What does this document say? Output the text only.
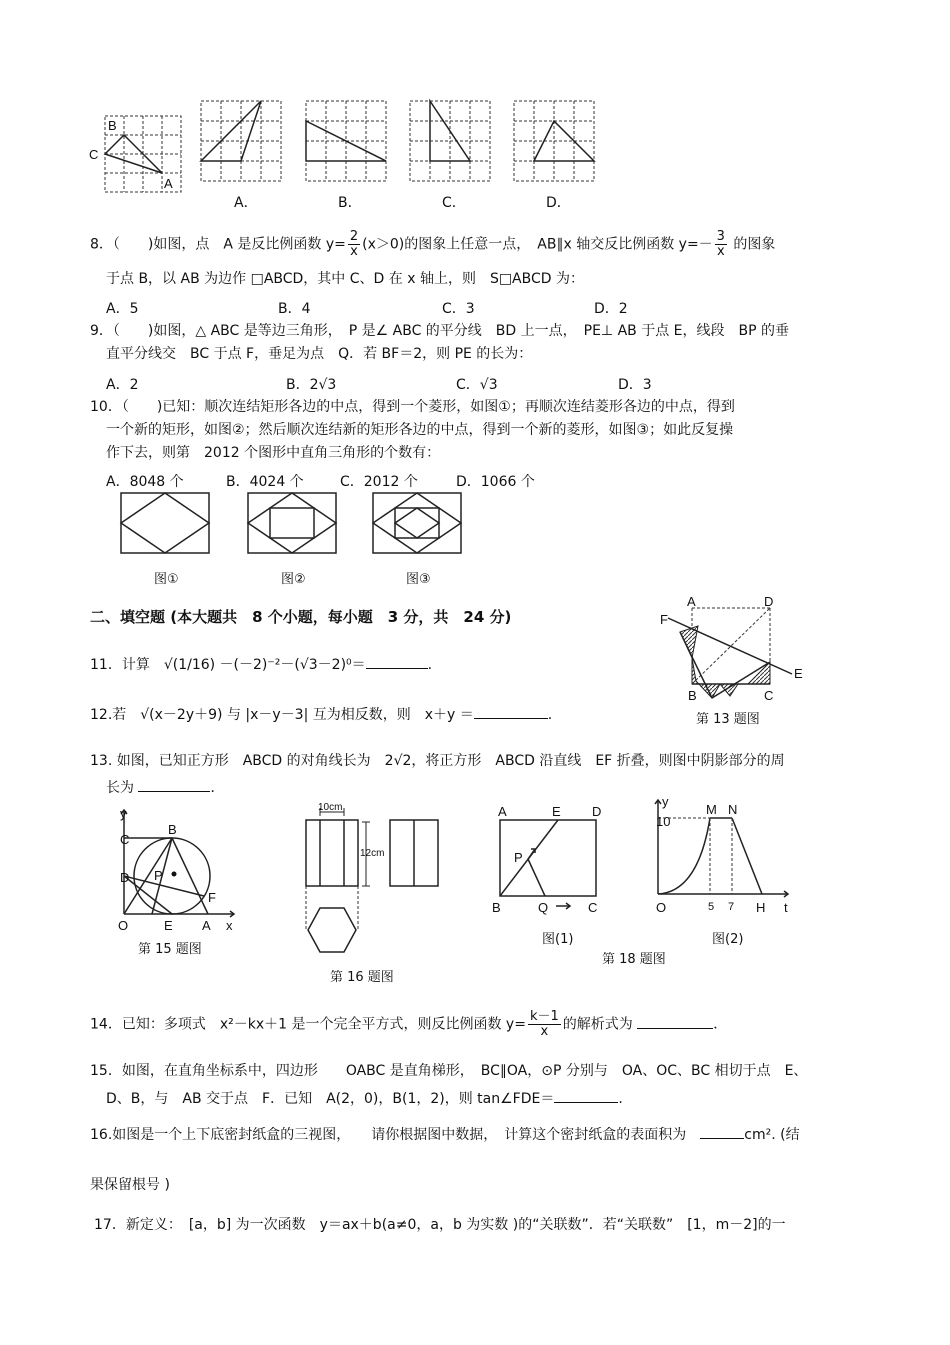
B
C
A
A．	B．	C．	D．
8．（　　)如图，点　A 是反比例函数 $y= \frac{2}{x} (x>0)$的图象上任意一点，　AB∥x 轴交反比例函数 $y=- \frac{3}{x}$ 的图象
于点 B，以 AB 为边作 □ABCD，其中 C、D 在 x 轴上，则　S□ABCD 为：
A．5	B．4	C．3	D．2
9．（　　)如图，△ ABC 是等边三角形，　P 是∠ ABC 的平分线　BD 上一点，　PE⊥ AB 于点 E，线段　BP 的垂
直平分线交　BC 于点 F，垂足为点　Q．若 BF＝2，则 PE 的长为：
A．2	B．2√3	C．√3	D．3
10．（　　)已知：顺次连结矩形各边的中点，得到一个菱形，如图①；再顺次连结菱形各边的中点，得到
一个新的矩形，如图②；然后顺次连结新的矩形各边的中点，得到一个新的菱形，如图③；如此反复操
作下去，则第　2012 个图形中直角三角形的个数有：
A．8048 个	B．4024 个	C．2012 个	D．1066 个
图①	图②	图③
二、填空题 (本大题共　8 个小题，每小题　3 分，共　24 分)
A	D
F
E
B	C
第 13 题图
11．计算　√(1/16) －(－2)⁻²－(√3－2)⁰＝	.
12.若　√(x－2y＋9) 与 |x－y－3| 互为相反数，则　x＋y ＝	.
13. 如图，已知正方形　ABCD 的对角线长为　2√2，将正方形　ABCD 沿直线　EF 折叠，则图中阴影部分的周
长为	．
y
C
B
D P
F
O	E A x
第 15 题图
10cm
12cm
第 16 题图
A	E D
P
B	Q	C
图(1)
y
M N
10
O	5 7 H t
图(2)
第 18 题图
14．已知：多项式　x²－kx＋1 是一个完全平方式，则反比例函数 $y= \frac{k-1}{x}$ 的解析式为	．
15．如图，在直角坐标系中，四边形　　OABC 是直角梯形，　BC∥OA，⊙P 分别与　OA、OC、BC 相切于点　E、
D、B，与　AB 交于点　F．已知　A(2，0)，B(1，2)，则 tan∠FDE＝	.
16.如图是一个上下底密封纸盒的三视图，　　请你根据图中数据，　计算这个密封纸盒的表面积为　	cm². (结
果保留根号 )
17．新定义：　[a，b] 为一次函数　y＝ax＋b(a≠0，a，b 为实数 )的“关联数”．若“关联数”　[1，m－2]的一
